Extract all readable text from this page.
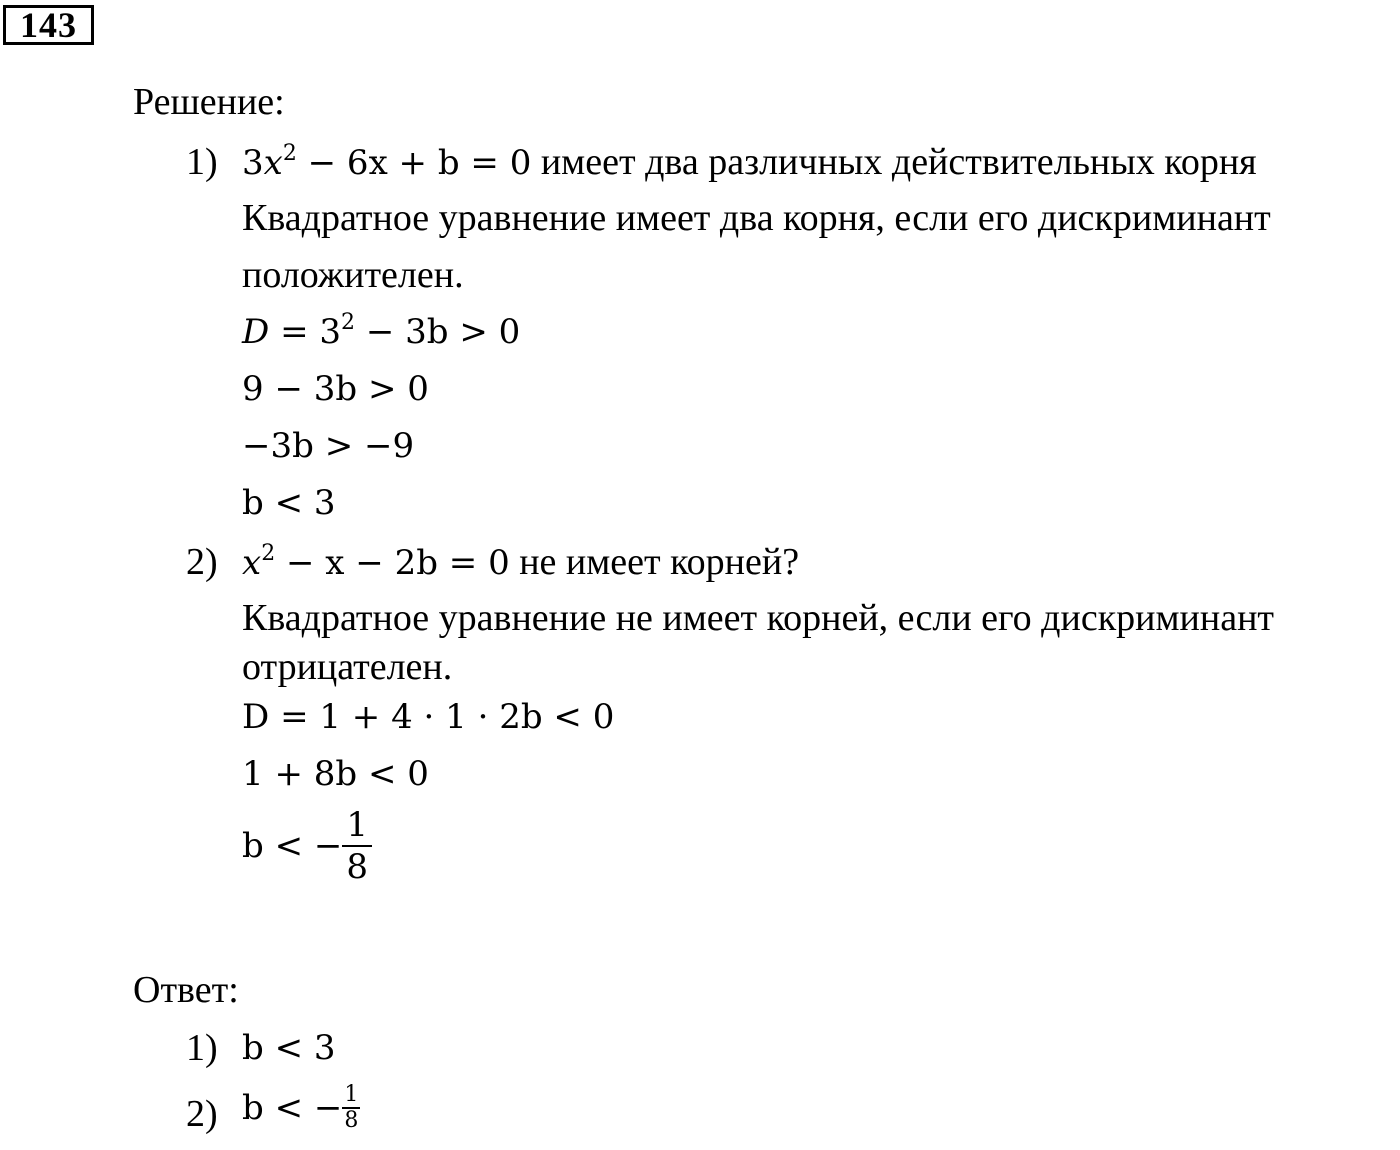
143
Решение:
1) $3x^2 - 6x + b = 0$ имеет два различных действительных корня
Квадратное уравнение имеет два корня, если его дискриминант
положителен.
$D = 3^2 - 3b > 0$
9 − 3b > 0
−3b > −9
b < 3
2) $x^2 - x - 2b = 0$ не имеет корней?
Квадратное уравнение не имеет корней, если его дискриминант
отрицателен.
D = 1 + 4 · 1 · 2b < 0
1 + 8b < 0
b < − $\frac{1}{8}$
Ответ:
1) b < 3
2) b < − $\frac{1}{8}$
